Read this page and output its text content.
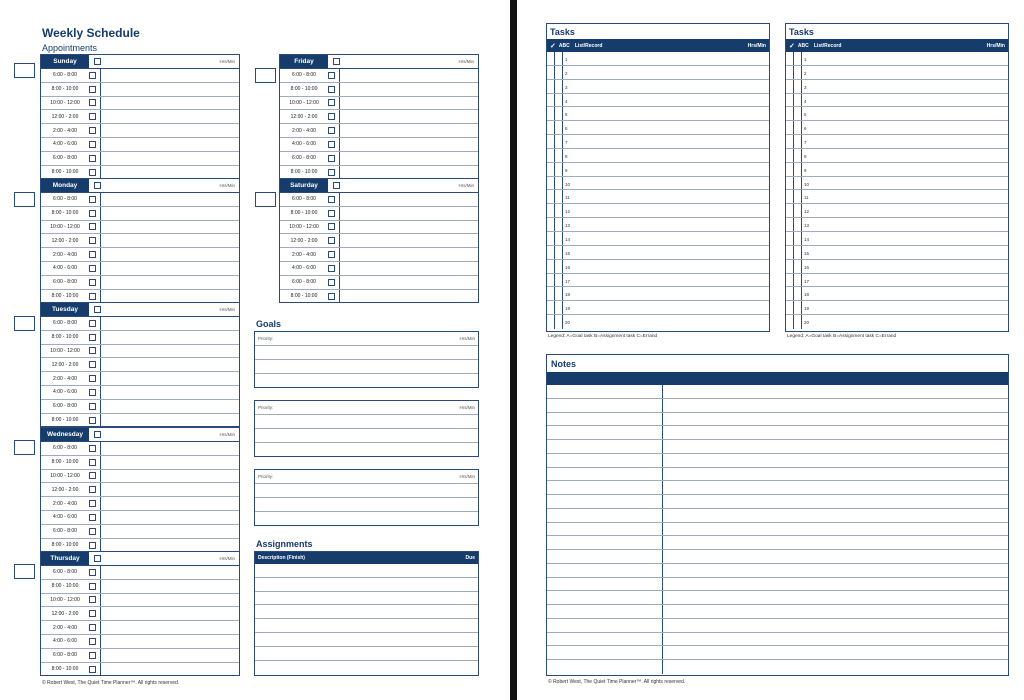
Weekly Schedule
Appointments
Sunday	Hrs/Min
6:00 - 8:00
8:00 - 10:00
10:00 - 12:00
12:00 - 2:00
2:00 - 4:00
4:00 - 6:00
6:00 - 8:00
8:00 - 10:00
Monday	Hrs/Min
6:00 - 8:00
8:00 - 10:00
10:00 - 12:00
12:00 - 2:00
2:00 - 4:00
4:00 - 6:00
6:00 - 8:00
8:00 - 10:00
Tuesday	Hrs/Min
6:00 - 8:00
8:00 - 10:00
10:00 - 12:00
12:00 - 2:00
2:00 - 4:00
4:00 - 6:00
6:00 - 8:00
8:00 - 10:00
Wednesday	Hrs/Min
6:00 - 8:00
8:00 - 10:00
10:00 - 12:00
12:00 - 2:00
2:00 - 4:00
4:00 - 6:00
6:00 - 8:00
8:00 - 10:00
Thursday	Hrs/Min
6:00 - 8:00
8:00 - 10:00
10:00 - 12:00
12:00 - 2:00
2:00 - 4:00
4:00 - 6:00
6:00 - 8:00
8:00 - 10:00
Friday	Hrs/Min
6:00 - 8:00
8:00 - 10:00
10:00 - 12:00
12:00 - 2:00
2:00 - 4:00
4:00 - 6:00
6:00 - 8:00
8:00 - 10:00
Saturday	Hrs/Min
6:00 - 8:00
8:00 - 10:00
10:00 - 12:00
12:00 - 2:00
2:00 - 4:00
4:00 - 6:00
6:00 - 8:00
8:00 - 10:00
Goals
Priority:	Hrs/Min
Priority:	Hrs/Min
Priority:	Hrs/Min
Assignments
Description (Finish)	Due
© Robert West, The Quiet Time Planner™. All rights reserved.
Tasks
✓ ABC	List/Record	Hrs/Min
1
2
3
4
5
6
7
8
9
10
11
12
13
14
15
16
17
18
19
20
Tasks
✓ ABC	List/Record	Hrs/Min
1
2
3
4
5
6
7
8
9
10
11
12
13
14
15
16
17
18
19
20
Legend: A=Goal task B=Assignment task C=Errand	Legend: A=Goal task B=Assignment task C=Errand
Notes
© Robert West, The Quiet Time Planner™. All rights reserved.
